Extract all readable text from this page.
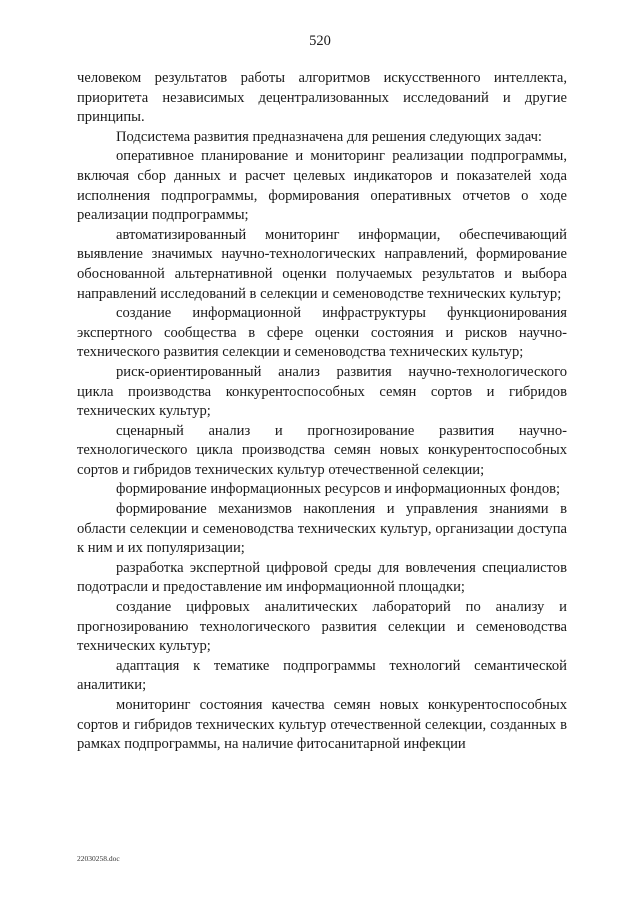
520

человеком результатов работы алгоритмов искусственного интеллекта, приоритета независимых децентрализованных исследований и другие принципы.

Подсистема развития предназначена для решения следующих задач:

оперативное планирование и мониторинг реализации подпрограммы, включая сбор данных и расчет целевых индикаторов и показателей хода исполнения подпрограммы, формирования оперативных отчетов о ходе реализации подпрограммы;

автоматизированный мониторинг информации, обеспечивающий выявление значимых научно-технологических направлений, формирование обоснованной альтернативной оценки получаемых результатов и выбора направлений исследований в селекции и семеноводстве технических культур;

создание информационной инфраструктуры функционирования экспертного сообщества в сфере оценки состояния и рисков научно-технического развития селекции и семеноводства технических культур;

риск-ориентированный анализ развития научно-технологического цикла производства конкурентоспособных семян сортов и гибридов технических культур;

сценарный анализ и прогнозирование развития научно-технологического цикла производства семян новых конкурентоспособных сортов и гибридов технических культур отечественной селекции;

формирование информационных ресурсов и информационных фондов;

формирование механизмов накопления и управления знаниями в области селекции и семеноводства технических культур, организации доступа к ним и их популяризации;

разработка экспертной цифровой среды для вовлечения специалистов подотрасли и предоставление им информационной площадки;

создание цифровых аналитических лабораторий по анализу и прогнозированию технологического развития селекции и семеноводства технических культур;

адаптация к тематике подпрограммы технологий семантической аналитики;

мониторинг состояния качества семян новых конкурентоспособных сортов и гибридов технических культур отечественной селекции, созданных в рамках подпрограммы, на наличие фитосанитарной инфекции

22030258.doc
